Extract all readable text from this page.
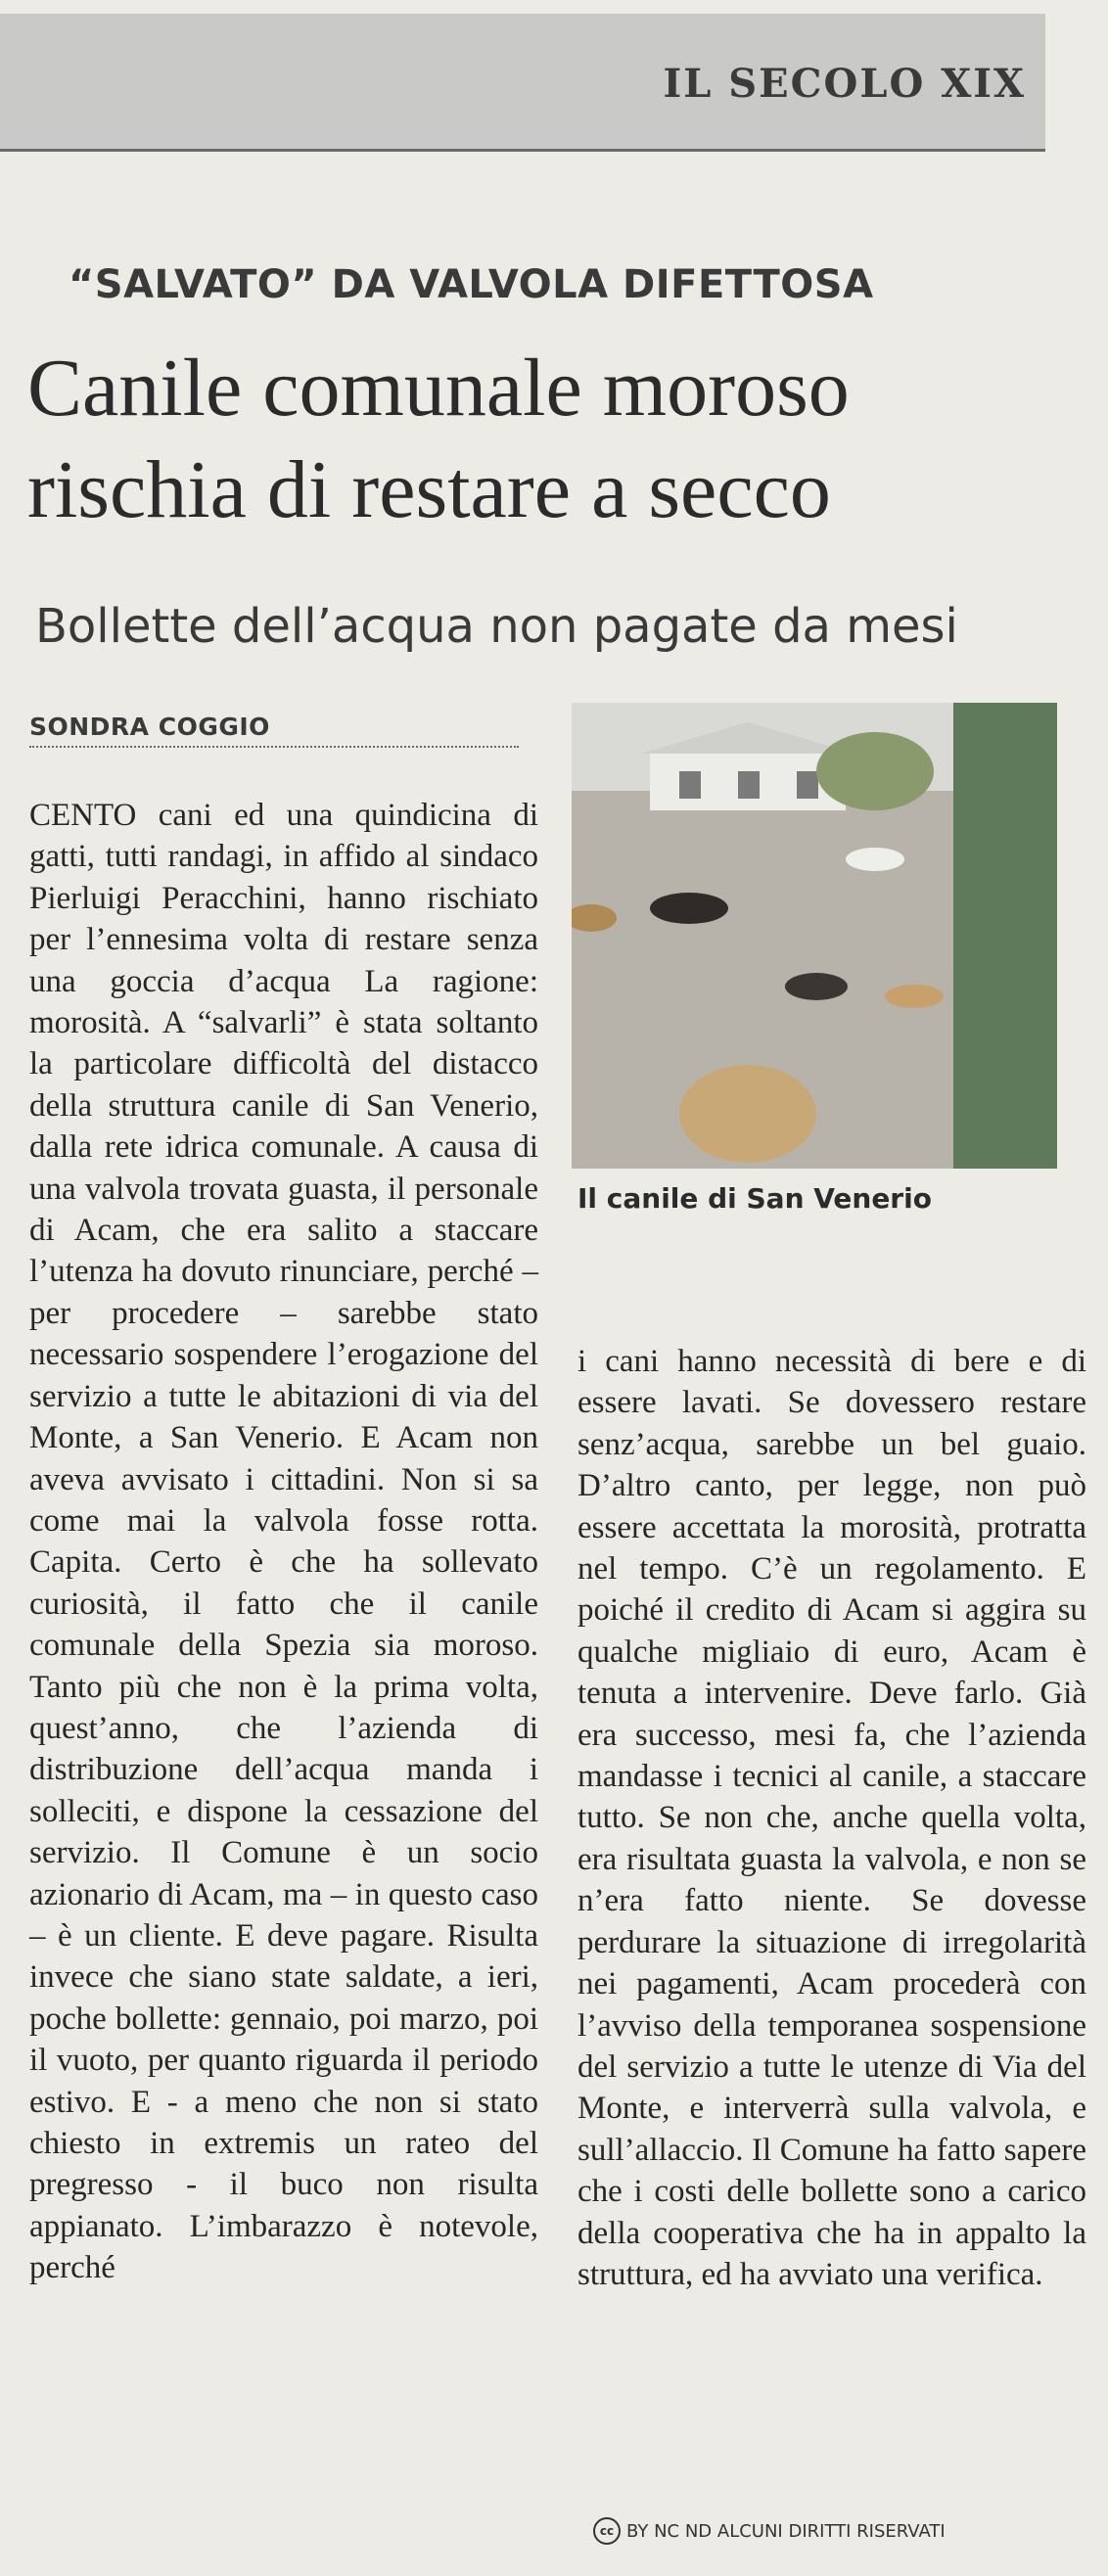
IL SECOLO XIX
“SALVATO” DA VALVOLA DIFETTOSA
Canile comunale moroso
rischia di restare a secco
Bollette dell’acqua non pagate da mesi
SONDRA COGGIO

CENTO cani ed una quindicina di gatti, tutti randagi, in affido al sindaco Pierluigi Peracchini, hanno rischiato per l’ennesima volta di restare senza una goccia d’acqua La ragione: morosità. A “salvarli” è stata soltanto la particolare difficoltà del distacco della struttura canile di San Venerio, dalla rete idrica comunale. A causa di una valvola trovata guasta, il personale di Acam, che era salito a staccare l’utenza ha dovuto rinunciare, perché – per procedere – sarebbe stato necessario sospendere l’erogazione del servizio a tutte le abitazioni di via del Monte, a San Venerio. E Acam non aveva avvisato i cittadini. Non si sa come mai la valvola fosse rotta. Capita. Certo è che ha sollevato curiosità, il fatto che il canile comunale della Spezia sia moroso. Tanto più che non è la prima volta, quest’anno, che l’azienda di distribuzione dell’acqua manda i solleciti, e dispone la cessazione del servizio. Il Comune è un socio azionario di Acam, ma – in questo caso – è un cliente. E deve pagare. Risulta invece che siano state saldate, a ieri, poche bollette: gennaio, poi marzo, poi il vuoto, per quanto riguarda il periodo estivo. E - a meno che non si stato chiesto in extremis un rateo del pregresso - il buco non risulta appianato. L’imbarazzo è notevole, perché

Il canile di San Venerio

i cani hanno necessità di bere e di essere lavati. Se dovessero restare senz’acqua, sarebbe un bel guaio. D’altro canto, per legge, non può essere accettata la morosità, protratta nel tempo. C’è un regolamento. E poiché il credito di Acam si aggira su qualche migliaio di euro, Acam è tenuta a intervenire. Deve farlo. Già era successo, mesi fa, che l’azienda mandasse i tecnici al canile, a staccare tutto. Se non che, anche quella volta, era risultata guasta la valvola, e non se n’era fatto niente. Se dovesse perdurare la situazione di irregolarità nei pagamenti, Acam procederà con l’avviso della temporanea sospensione del servizio a tutte le utenze di Via del Monte, e interverrà sulla valvola, e sull’allaccio. Il Comune ha fatto sapere che i costi delle bollette sono a carico della cooperativa che ha in appalto la struttura, ed ha avviato una verifica.

cc BY NC ND ALCUNI DIRITTI RISERVATI
